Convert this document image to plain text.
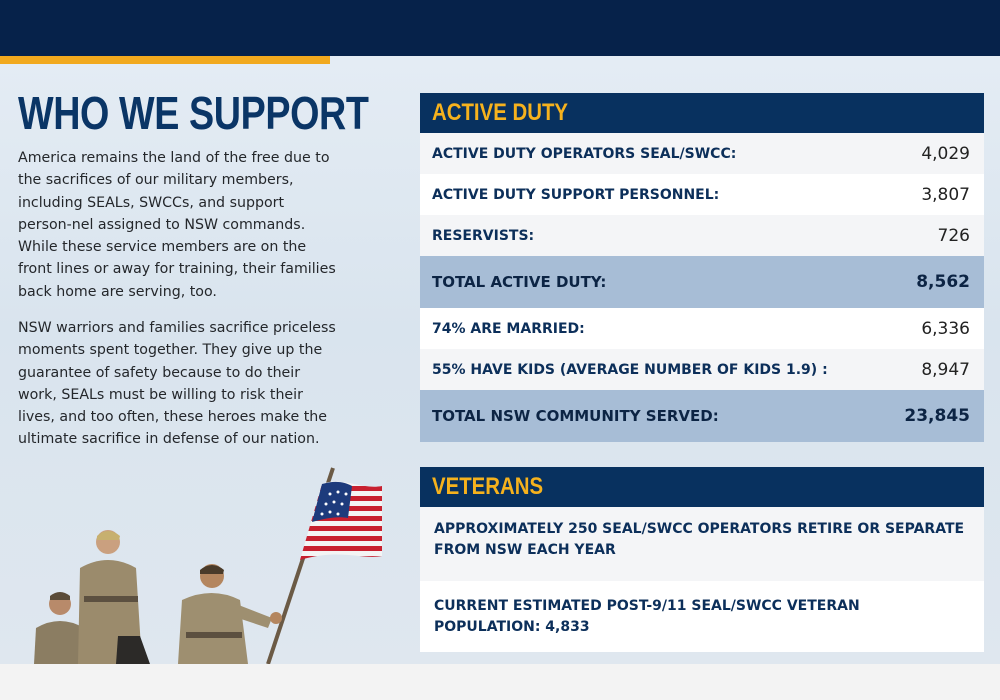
WHO WE SUPPORT

America remains the land of the free due to the sacrifices of our military members, including SEALs, SWCCs, and support person-nel assigned to NSW commands. While these service members are on the front lines or away for training, their families back home are serving, too.

NSW warriors and families sacrifice priceless moments spent together. They give up the guarantee of safety because to do their work, SEALs must be willing to risk their lives, and too often, these heroes make the ultimate sacrifice in defense of our nation.

ACTIVE DUTY
ACTIVE DUTY OPERATORS SEAL/SWCC:	4,029
ACTIVE DUTY SUPPORT PERSONNEL:	3,807
RESERVISTS:	726
TOTAL ACTIVE DUTY:	8,562
74% ARE MARRIED:	6,336
55% HAVE KIDS (AVERAGE NUMBER OF KIDS 1.9) :	8,947
TOTAL NSW COMMUNITY SERVED:	23,845
VETERANS
APPROXIMATELY 250 SEAL/SWCC OPERATORS RETIRE OR SEPARATE FROM NSW EACH YEAR
CURRENT ESTIMATED POST-9/11 SEAL/SWCC VETERAN POPULATION: 4,833
